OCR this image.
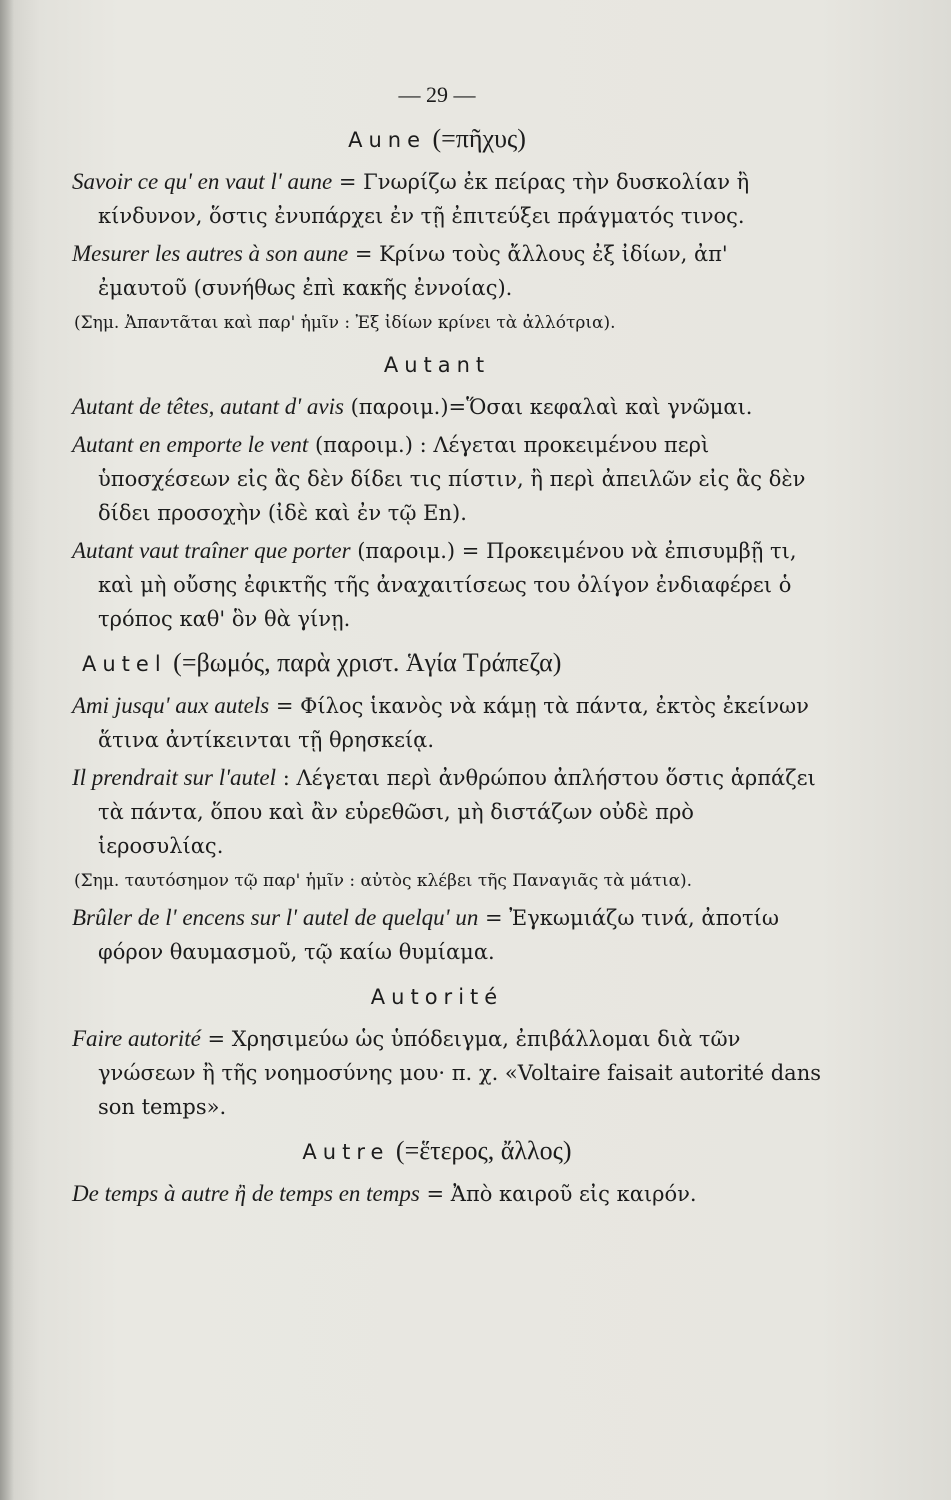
— 29 —
Aune (=πῆχυς)

Savoir ce qu' en vaut l' aune = Γνωρίζω ἐκ πείρας τὴν δυσκολίαν ἢ κίνδυνον, ὅστις ἐνυπάρχει ἐν τῇ ἐπιτεύξει πράγματός τινος.

Mesurer les autres à son aune = Κρίνω τοὺς ἄλλους ἐξ ἰδίων, ἀπ' ἐμαυτοῦ (συνήθως ἐπὶ κακῆς ἐννοίας).

(Σημ. Ἀπαντᾶται καὶ παρ' ἡμῖν : Ἐξ ἰδίων κρίνει τὰ ἀλλότρια).

Autant

Autant de têtes, autant d' avis (παροιμ.)=Ὅσαι κεφαλαὶ καὶ γνῶμαι.

Autant en emporte le vent (παροιμ.) : Λέγεται προκειμένου περὶ ὑποσχέσεων εἰς ἃς δὲν δίδει τις πίστιν, ἢ περὶ ἀπειλῶν εἰς ἃς δὲν δίδει προσοχὴν (ἰδὲ καὶ ἐν τῷ En).

Autant vaut traîner que porter (παροιμ.) = Προκειμένου νὰ ἐπισυμβῇ τι, καὶ μὴ οὔσης ἐφικτῆς τῆς ἀναχαιτίσεως του ὀλίγον ἐνδιαφέρει ὁ τρόπος καθ' ὃν θὰ γίνῃ.

Autel (=βωμός, παρὰ χριστ. Ἁγία Τράπεζα)

Ami jusqu' aux autels = Φίλος ἱκανὸς νὰ κάμῃ τὰ πάντα, ἐκτὸς ἐκείνων ἅτινα ἀντίκεινται τῇ θρησκείᾳ.

Il prendrait sur l'autel : Λέγεται περὶ ἀνθρώπου ἀπλήστου ὅστις ἁρπάζει τὰ πάντα, ὅπου καὶ ἂν εὑρεθῶσι, μὴ διστάζων οὐδὲ πρὸ ἱεροσυλίας.

(Σημ. ταυτόσημον τῷ παρ' ἡμῖν : αὐτὸς κλέβει τῆς Παναγιᾶς τὰ μάτια).

Brûler de l' encens sur l' autel de quelqu' un = Ἐγκωμιάζω τινά, ἀποτίω φόρον θαυμασμοῦ, τῷ καίω θυμίαμα.

Autorité

Faire autorité = Χρησιμεύω ὡς ὑπόδειγμα, ἐπιβάλλομαι διὰ τῶν γνώσεων ἢ τῆς νοημοσύνης μου· π. χ. «Voltaire faisait autorité dans son temps».

Autre (=ἕτερος, ἄλλος)

De temps à autre ἢ de temps en temps = Ἀπὸ καιροῦ εἰς καιρόν.
